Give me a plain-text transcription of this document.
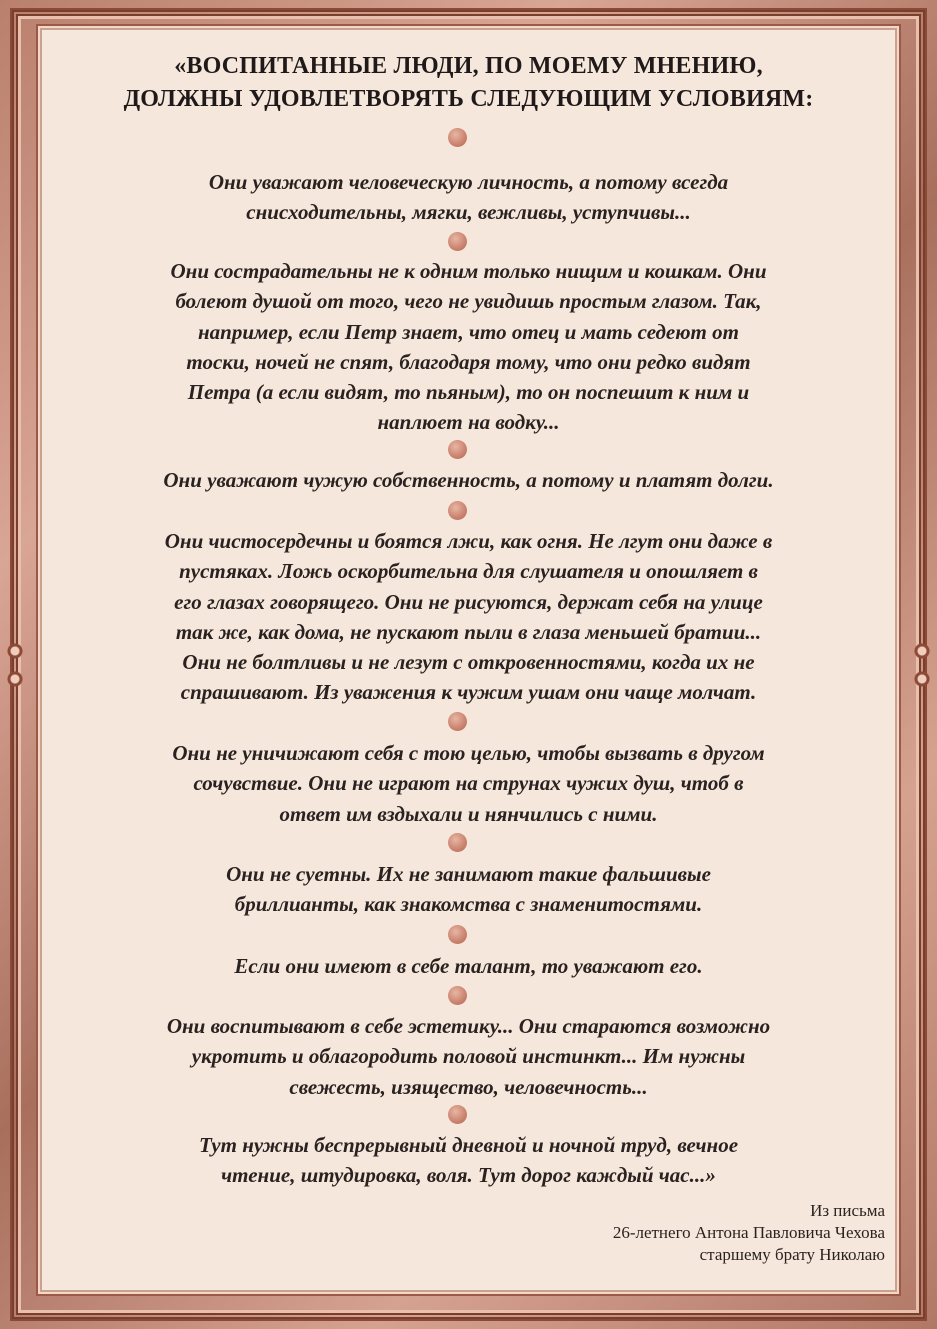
«ВОСПИТАННЫЕ ЛЮДИ, ПО МОЕМУ МНЕНИЮ,
ДОЛЖНЫ УДОВЛЕТВОРЯТЬ СЛЕДУЮЩИМ УСЛОВИЯМ:
Они уважают человеческую личность, а потому всегда
снисходительны, мягки, вежливы, уступчивы...
Они сострадательны не к одним только нищим и кошкам. Они
болеют душой от того, чего не увидишь простым глазом. Так,
например, если Петр знает, что отец и мать седеют от
тоски, ночей не спят, благодаря тому, что они редко видят
Петра (а если видят, то пьяным), то он поспешит к ним и
наплюет на водку...
Они уважают чужую собственность, а потому и платят долги.
Они чистосердечны и боятся лжи, как огня. Не лгут они даже в
пустяках. Ложь оскорбительна для слушателя и опошляет в
его глазах говорящего. Они не рисуются, держат себя на улице
так же, как дома, не пускают пыли в глаза меньшей братии...
Они не болтливы и не лезут с откровенностями, когда их не
спрашивают. Из уважения к чужим ушам они чаще молчат.
Они не уничижают себя с тою целью, чтобы вызвать в другом
сочувствие. Они не играют на струнах чужих душ, чтоб в
ответ им вздыхали и нянчились с ними.
Они не суетны. Их не занимают такие фальшивые
бриллианты, как знакомства с знаменитостями.
Если они имеют в себе талант, то уважают его.
Они воспитывают в себе эстетику... Они стараются возможно
укротить и облагородить половой инстинкт... Им нужны
свежесть, изящество, человечность...
Тут нужны беспрерывный дневной и ночной труд, вечное
чтение, штудировка, воля. Тут дорог каждый час...»
Из письма
26-летнего Антона Павловича Чехова
старшему брату Николаю
